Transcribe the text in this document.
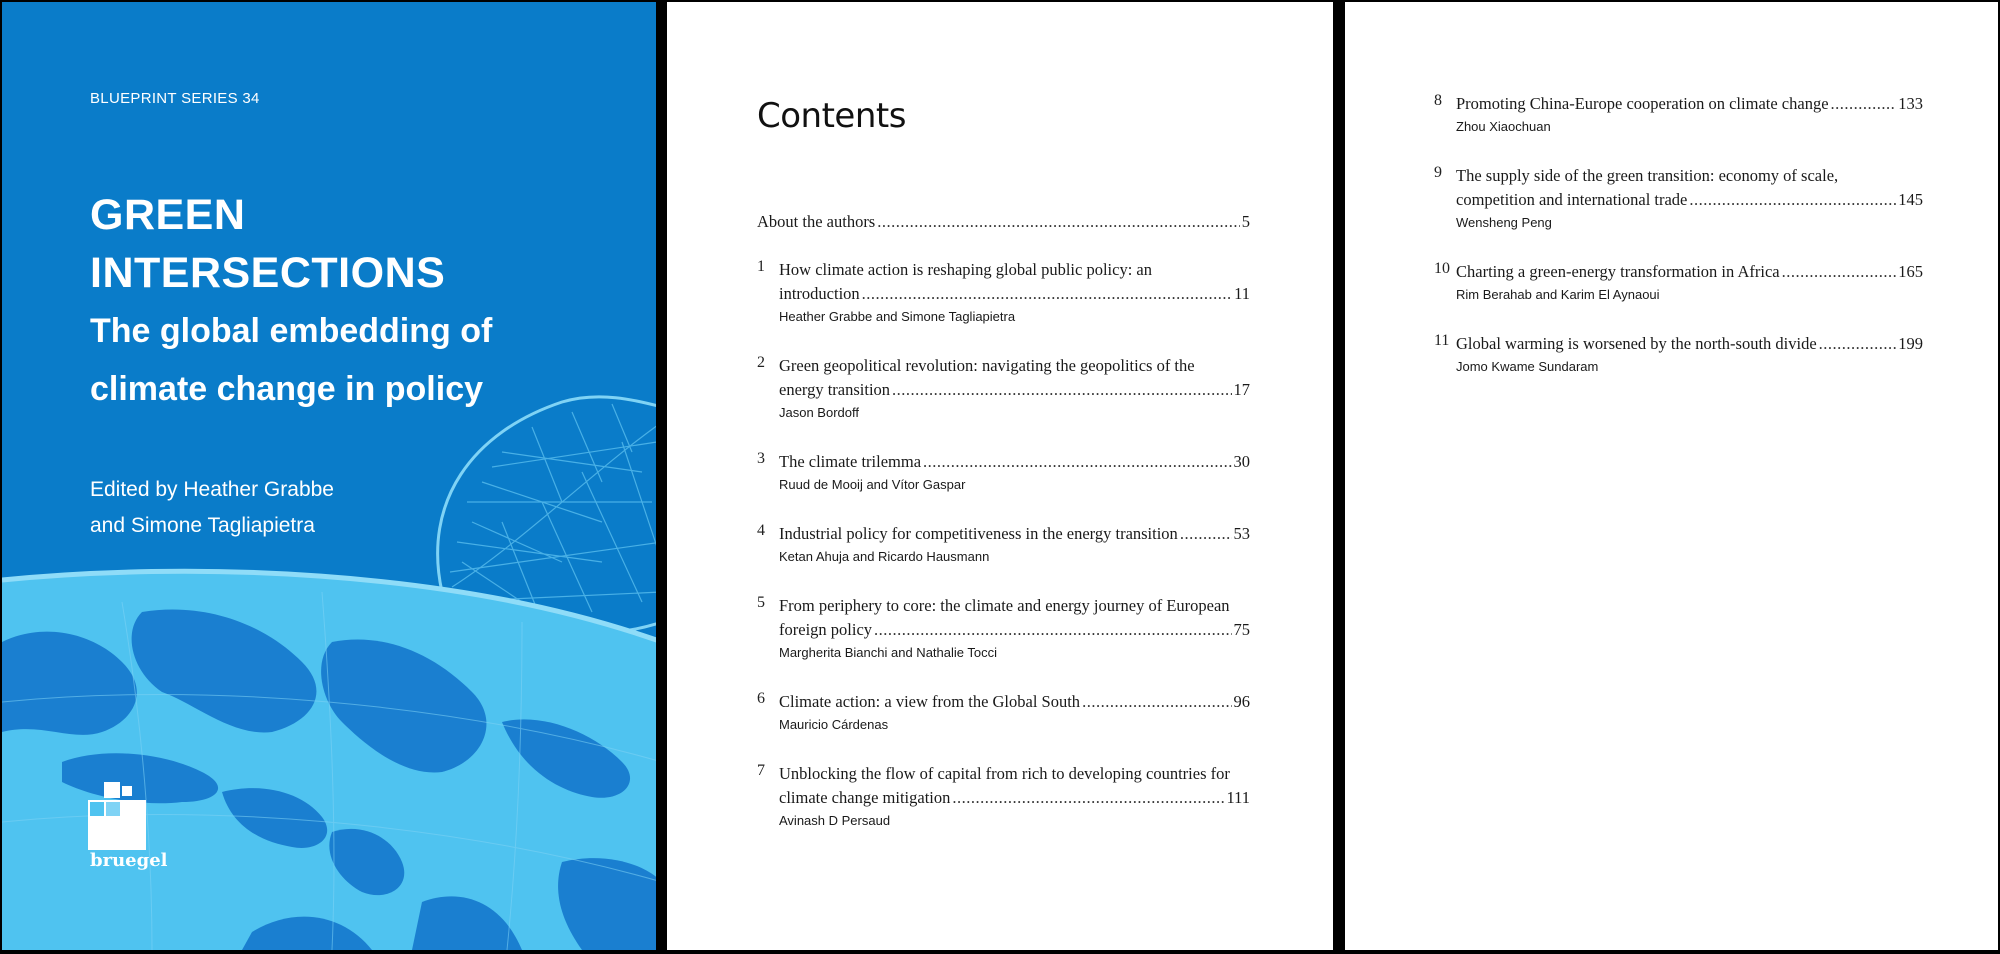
BLUEPRINT SERIES 34
GREEN
INTERSECTIONS
The global embedding of climate change in policy
Edited by Heather Grabbe
and Simone Tagliapietra
bruegel
Contents
About the authors .....	5
1 How climate action is reshaping global public policy: an
introduction .....	11
Heather Grabbe and Simone Tagliapietra
2 Green geopolitical revolution: navigating the geopolitics of the
energy transition .....	17
Jason Bordoff
3 The climate trilemma .....	30
Ruud de Mooij and Vítor Gaspar
4 Industrial policy for competitiveness in the energy transition .....	53
Ketan Ahuja and Ricardo Hausmann
5 From periphery to core: the climate and energy journey of European
foreign policy .....	75
Margherita Bianchi and Nathalie Tocci
6 Climate action: a view from the Global South .....	96
Mauricio Cárdenas
7 Unblocking the flow of capital from rich to developing countries for
climate change mitigation .....	111
Avinash D Persaud
8 Promoting China-Europe cooperation on climate change .....	133
Zhou Xiaochuan
9 The supply side of the green transition: economy of scale,
competition and international trade .....	145
Wensheng Peng
10 Charting a green-energy transformation in Africa .....	165
Rim Berahab and Karim El Aynaoui
11 Global warming is worsened by the north-south divide .....	199
Jomo Kwame Sundaram
